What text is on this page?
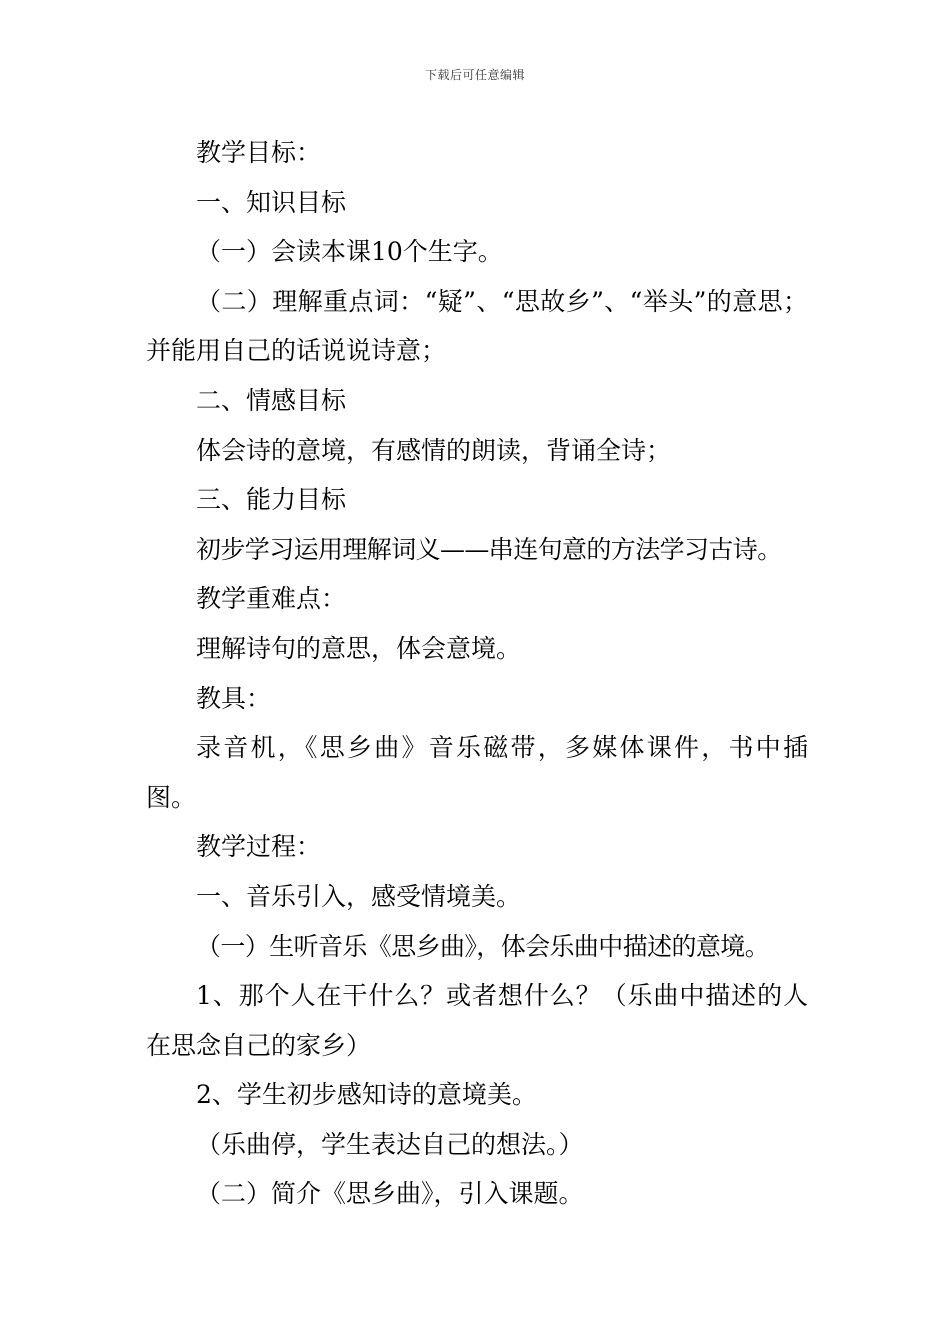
下载后可任意编辑

教学目标：

一、知识目标

（一）会读本课10个生字。

（二）理解重点词：“疑”、“思故乡”、“举头”的意思；并能用自己的话说说诗意；

二、情感目标

体会诗的意境，有感情的朗读，背诵全诗；

三、能力目标

初步学习运用理解词义——串连句意的方法学习古诗。

教学重难点：

理解诗句的意思，体会意境。

教具：

录音机，《思乡曲》音乐磁带，多媒体课件，书中插图。

教学过程：

一、音乐引入，感受情境美。

（一）生听音乐《思乡曲》，体会乐曲中描述的意境。

1、那个人在干什么？或者想什么？（乐曲中描述的人在思念自己的家乡）

2、学生初步感知诗的意境美。

（乐曲停，学生表达自己的想法。）

（二）简介《思乡曲》，引入课题。
